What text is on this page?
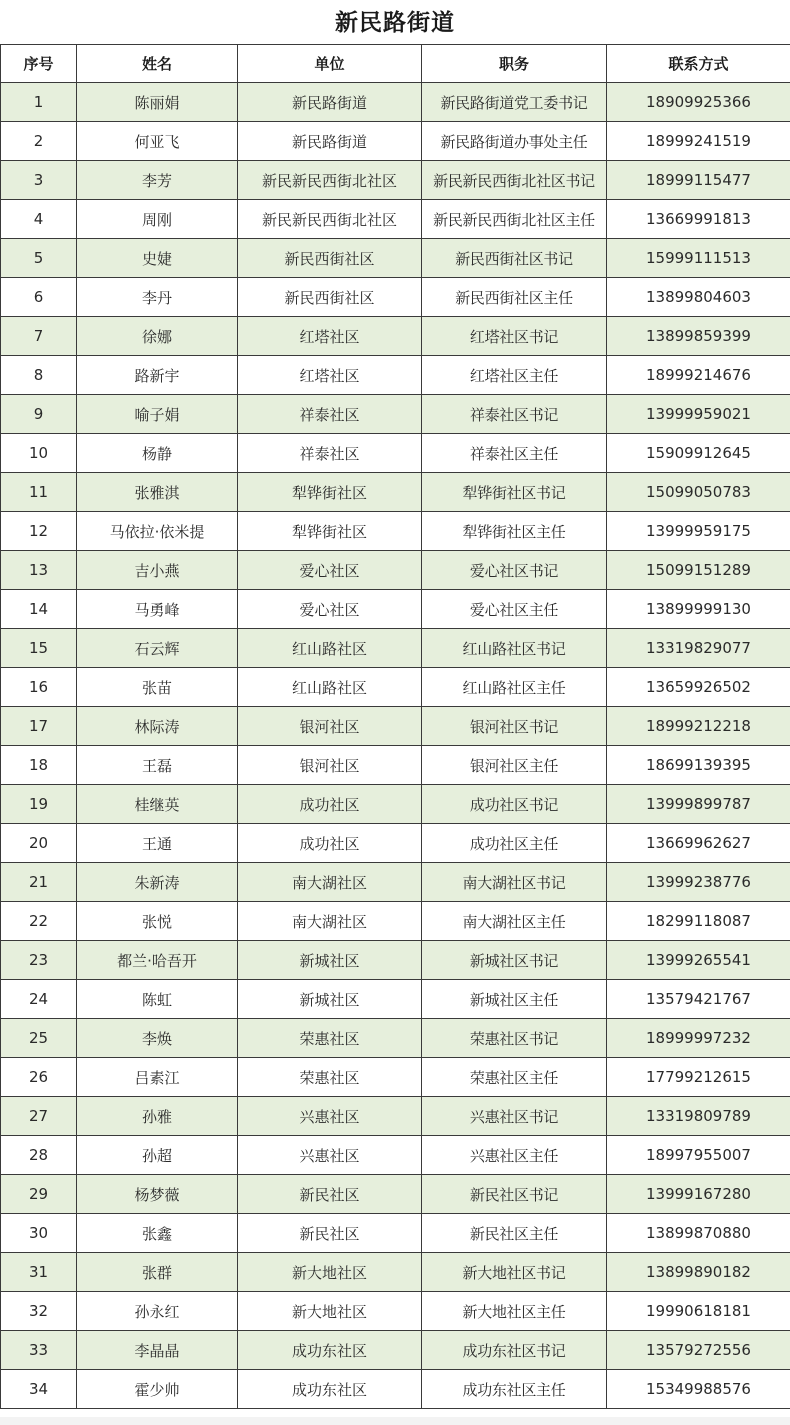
新民路街道
序号	姓名	单位	职务	联系方式
1	陈丽娟	新民路街道	新民路街道党工委书记	18909925366
2	何亚飞	新民路街道	新民路街道办事处主任	18999241519
3	李芳	新民新民西街北社区	新民新民西街北社区书记	18999115477
4	周刚	新民新民西街北社区	新民新民西街北社区主任	13669991813
5	史婕	新民西街社区	新民西街社区书记	15999111513
6	李丹	新民西街社区	新民西街社区主任	13899804603
7	徐娜	红塔社区	红塔社区书记	13899859399
8	路新宇	红塔社区	红塔社区主任	18999214676
9	喻子娟	祥泰社区	祥泰社区书记	13999959021
10	杨静	祥泰社区	祥泰社区主任	15909912645
11	张雅淇	犁铧街社区	犁铧街社区书记	15099050783
12	马依拉·依米提	犁铧街社区	犁铧街社区主任	13999959175
13	吉小燕	爱心社区	爱心社区书记	15099151289
14	马勇峰	爱心社区	爱心社区主任	13899999130
15	石云辉	红山路社区	红山路社区书记	13319829077
16	张苗	红山路社区	红山路社区主任	13659926502
17	林际涛	银河社区	银河社区书记	18999212218
18	王磊	银河社区	银河社区主任	18699139395
19	桂继英	成功社区	成功社区书记	13999899787
20	王通	成功社区	成功社区主任	13669962627
21	朱新涛	南大湖社区	南大湖社区书记	13999238776
22	张悦	南大湖社区	南大湖社区主任	18299118087
23	都兰·哈吾开	新城社区	新城社区书记	13999265541
24	陈虹	新城社区	新城社区主任	13579421767
25	李焕	荣惠社区	荣惠社区书记	18999997232
26	吕素江	荣惠社区	荣惠社区主任	17799212615
27	孙雅	兴惠社区	兴惠社区书记	13319809789
28	孙超	兴惠社区	兴惠社区主任	18997955007
29	杨梦薇	新民社区	新民社区书记	13999167280
30	张鑫	新民社区	新民社区主任	13899870880
31	张群	新大地社区	新大地社区书记	13899890182
32	孙永红	新大地社区	新大地社区主任	19990618181
33	李晶晶	成功东社区	成功东社区书记	13579272556
34	霍少帅	成功东社区	成功东社区主任	15349988576
